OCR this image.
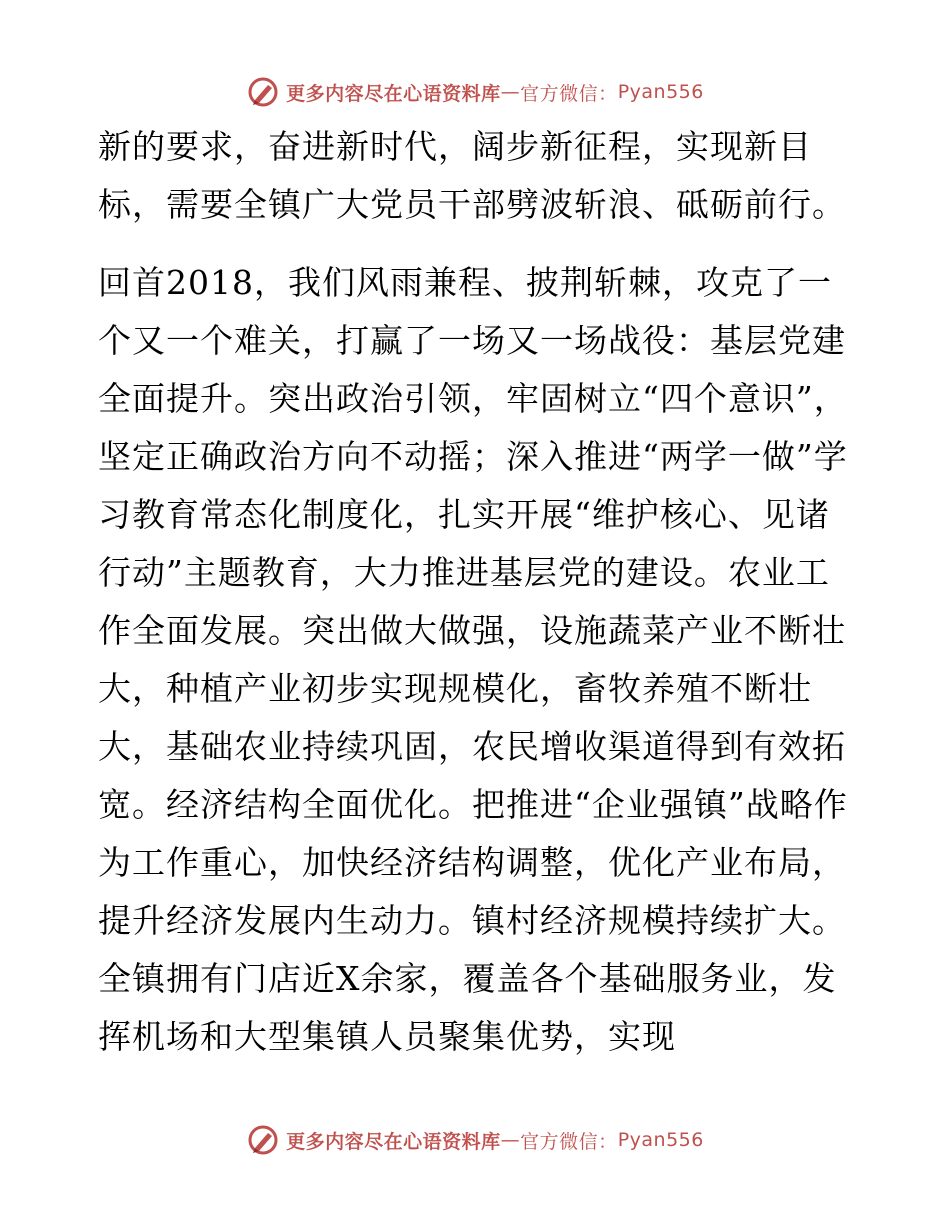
更多内容尽在心语资料库 — 官方微信： Pyan556

新的要求，奋进新时代，阔步新征程，实现新目标，需要全镇广大党员干部劈波斩浪、砥砺前行。

回首2018，我们风雨兼程、披荆斩棘，攻克了一个又一个难关，打赢了一场又一场战役：基层党建全面提升。突出政治引领，牢固树立“四个意识”，坚定正确政治方向不动摇；深入推进“两学一做”学习教育常态化制度化，扎实开展“维护核心、见诸行动”主题教育，大力推进基层党的建设。农业工作全面发展。突出做大做强，设施蔬菜产业不断壮大，种植产业初步实现规模化，畜牧养殖不断壮大，基础农业持续巩固，农民增收渠道得到有效拓宽。经济结构全面优化。把推进“企业强镇”战略作为工作重心，加快经济结构调整，优化产业布局，提升经济发展内生动力。镇村经济规模持续扩大。全镇拥有门店近X余家，覆盖各个基础服务业，发挥机场和大型集镇人员聚集优势，实现

更多内容尽在心语资料库 — 官方微信： Pyan556
